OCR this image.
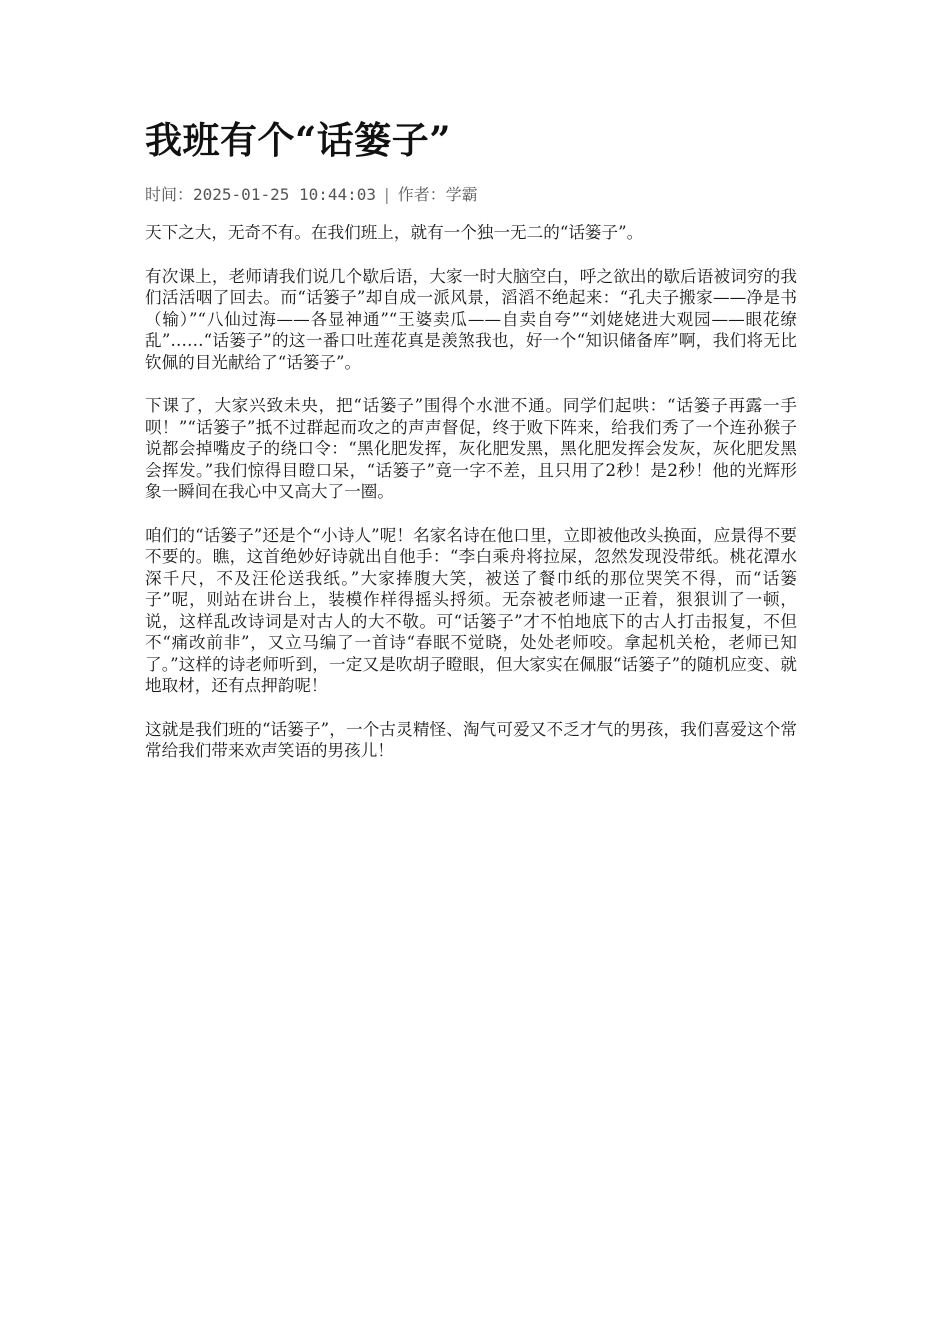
我班有个“话篓子”
时间：2025-01-25 10:44:03 | 作者：学霸

天下之大，无奇不有。在我们班上，就有一个独一无二的“话篓子”。

有次课上，老师请我们说几个歇后语，大家一时大脑空白，呼之欲出的歇后语被词穷的我们活活咽了回去。而“话篓子”却自成一派风景，滔滔不绝起来：“孔夫子搬家——净是书（输）”“八仙过海——各显神通”“王婆卖瓜——自卖自夸”“刘姥姥进大观园——眼花缭乱”……“话篓子”的这一番口吐莲花真是羡煞我也，好一个“知识储备库”啊，我们将无比钦佩的目光献给了“话篓子”。

下课了，大家兴致未央，把“话篓子”围得个水泄不通。同学们起哄：“话篓子再露一手呗！”“话篓子”抵不过群起而攻之的声声督促，终于败下阵来，给我们秀了一个连孙猴子说都会掉嘴皮子的绕口令：“黑化肥发挥，灰化肥发黑，黑化肥发挥会发灰，灰化肥发黑会挥发。”我们惊得目瞪口呆，“话篓子”竟一字不差，且只用了2秒！是2秒！他的光辉形象一瞬间在我心中又高大了一圈。

咱们的“话篓子”还是个“小诗人”呢！名家名诗在他口里，立即被他改头换面，应景得不要不要的。瞧，这首绝妙好诗就出自他手：“李白乘舟将拉屎，忽然发现没带纸。桃花潭水深千尺，不及汪伦送我纸。”大家捧腹大笑，被送了餐巾纸的那位哭笑不得，而“话篓子”呢，则站在讲台上，装模作样得摇头捋须。无奈被老师逮一正着，狠狠训了一顿，说，这样乱改诗词是对古人的大不敬。可“话篓子”才不怕地底下的古人打击报复，不但不“痛改前非”，又立马编了一首诗“春眠不觉晓，处处老师咬。拿起机关枪，老师已知了。”这样的诗老师听到，一定又是吹胡子瞪眼，但大家实在佩服“话篓子”的随机应变、就地取材，还有点押韵呢！

这就是我们班的“话篓子”，一个古灵精怪、淘气可爱又不乏才气的男孩，我们喜爱这个常常给我们带来欢声笑语的男孩儿！
